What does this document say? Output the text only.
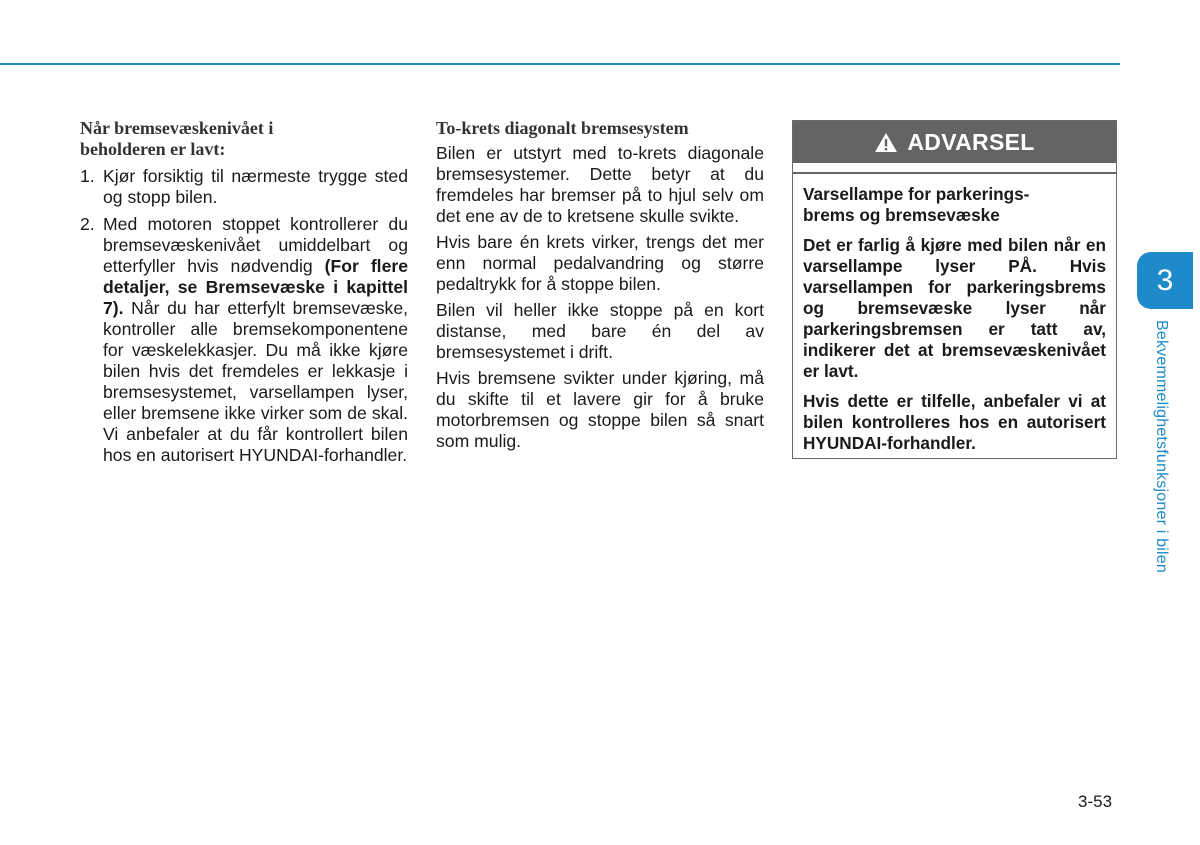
Når bremsevæskenivået i
beholderen er lavt:
1. Kjør forsiktig til nærmeste trygge sted og stopp bilen.
2. Med motoren stoppet kontrollerer du bremsevæskenivået umiddelbart og etterfyller hvis nødvendig (For flere detaljer, se Bremsevæske i kapittel 7). Når du har etterfylt bremsevæske, kontroller alle bremsekomponentene for væskelekkasjer. Du må ikke kjøre bilen hvis det fremdeles er lekkasje i bremsesystemet, varsellampen lyser, eller bremsene ikke virker som de skal. Vi anbefaler at du får kontrollert bilen hos en autorisert HYUNDAI-forhandler.
To-krets diagonalt bremsesystem

Bilen er utstyrt med to-krets diagonale bremsesystemer. Dette betyr at du fremdeles har bremser på to hjul selv om det ene av de to kretsene skulle svikte.

Hvis bare én krets virker, trengs det mer enn normal pedalvandring og større pedaltrykk for å stoppe bilen.

Bilen vil heller ikke stoppe på en kort distanse, med bare én del av bremsesystemet i drift.

Hvis bremsene svikter under kjøring, må du skifte til et lavere gir for å bruke motorbremsen og stoppe bilen så snart som mulig.

ADVARSEL

Varsellampe for parkerings-
brems og bremsevæske

Det er farlig å kjøre med bilen når en varsellampe lyser PÅ. Hvis varsellampen for parkeringsbrems og bremsevæske lyser når parkeringsbremsen er tatt av, indikerer det at bremsevæskenivået er lavt.

Hvis dette er tilfelle, anbefaler vi at bilen kontrolleres hos en autorisert HYUNDAI-forhandler.

3
Bekvemmelighetsfunksjoner i bilen
3-53
